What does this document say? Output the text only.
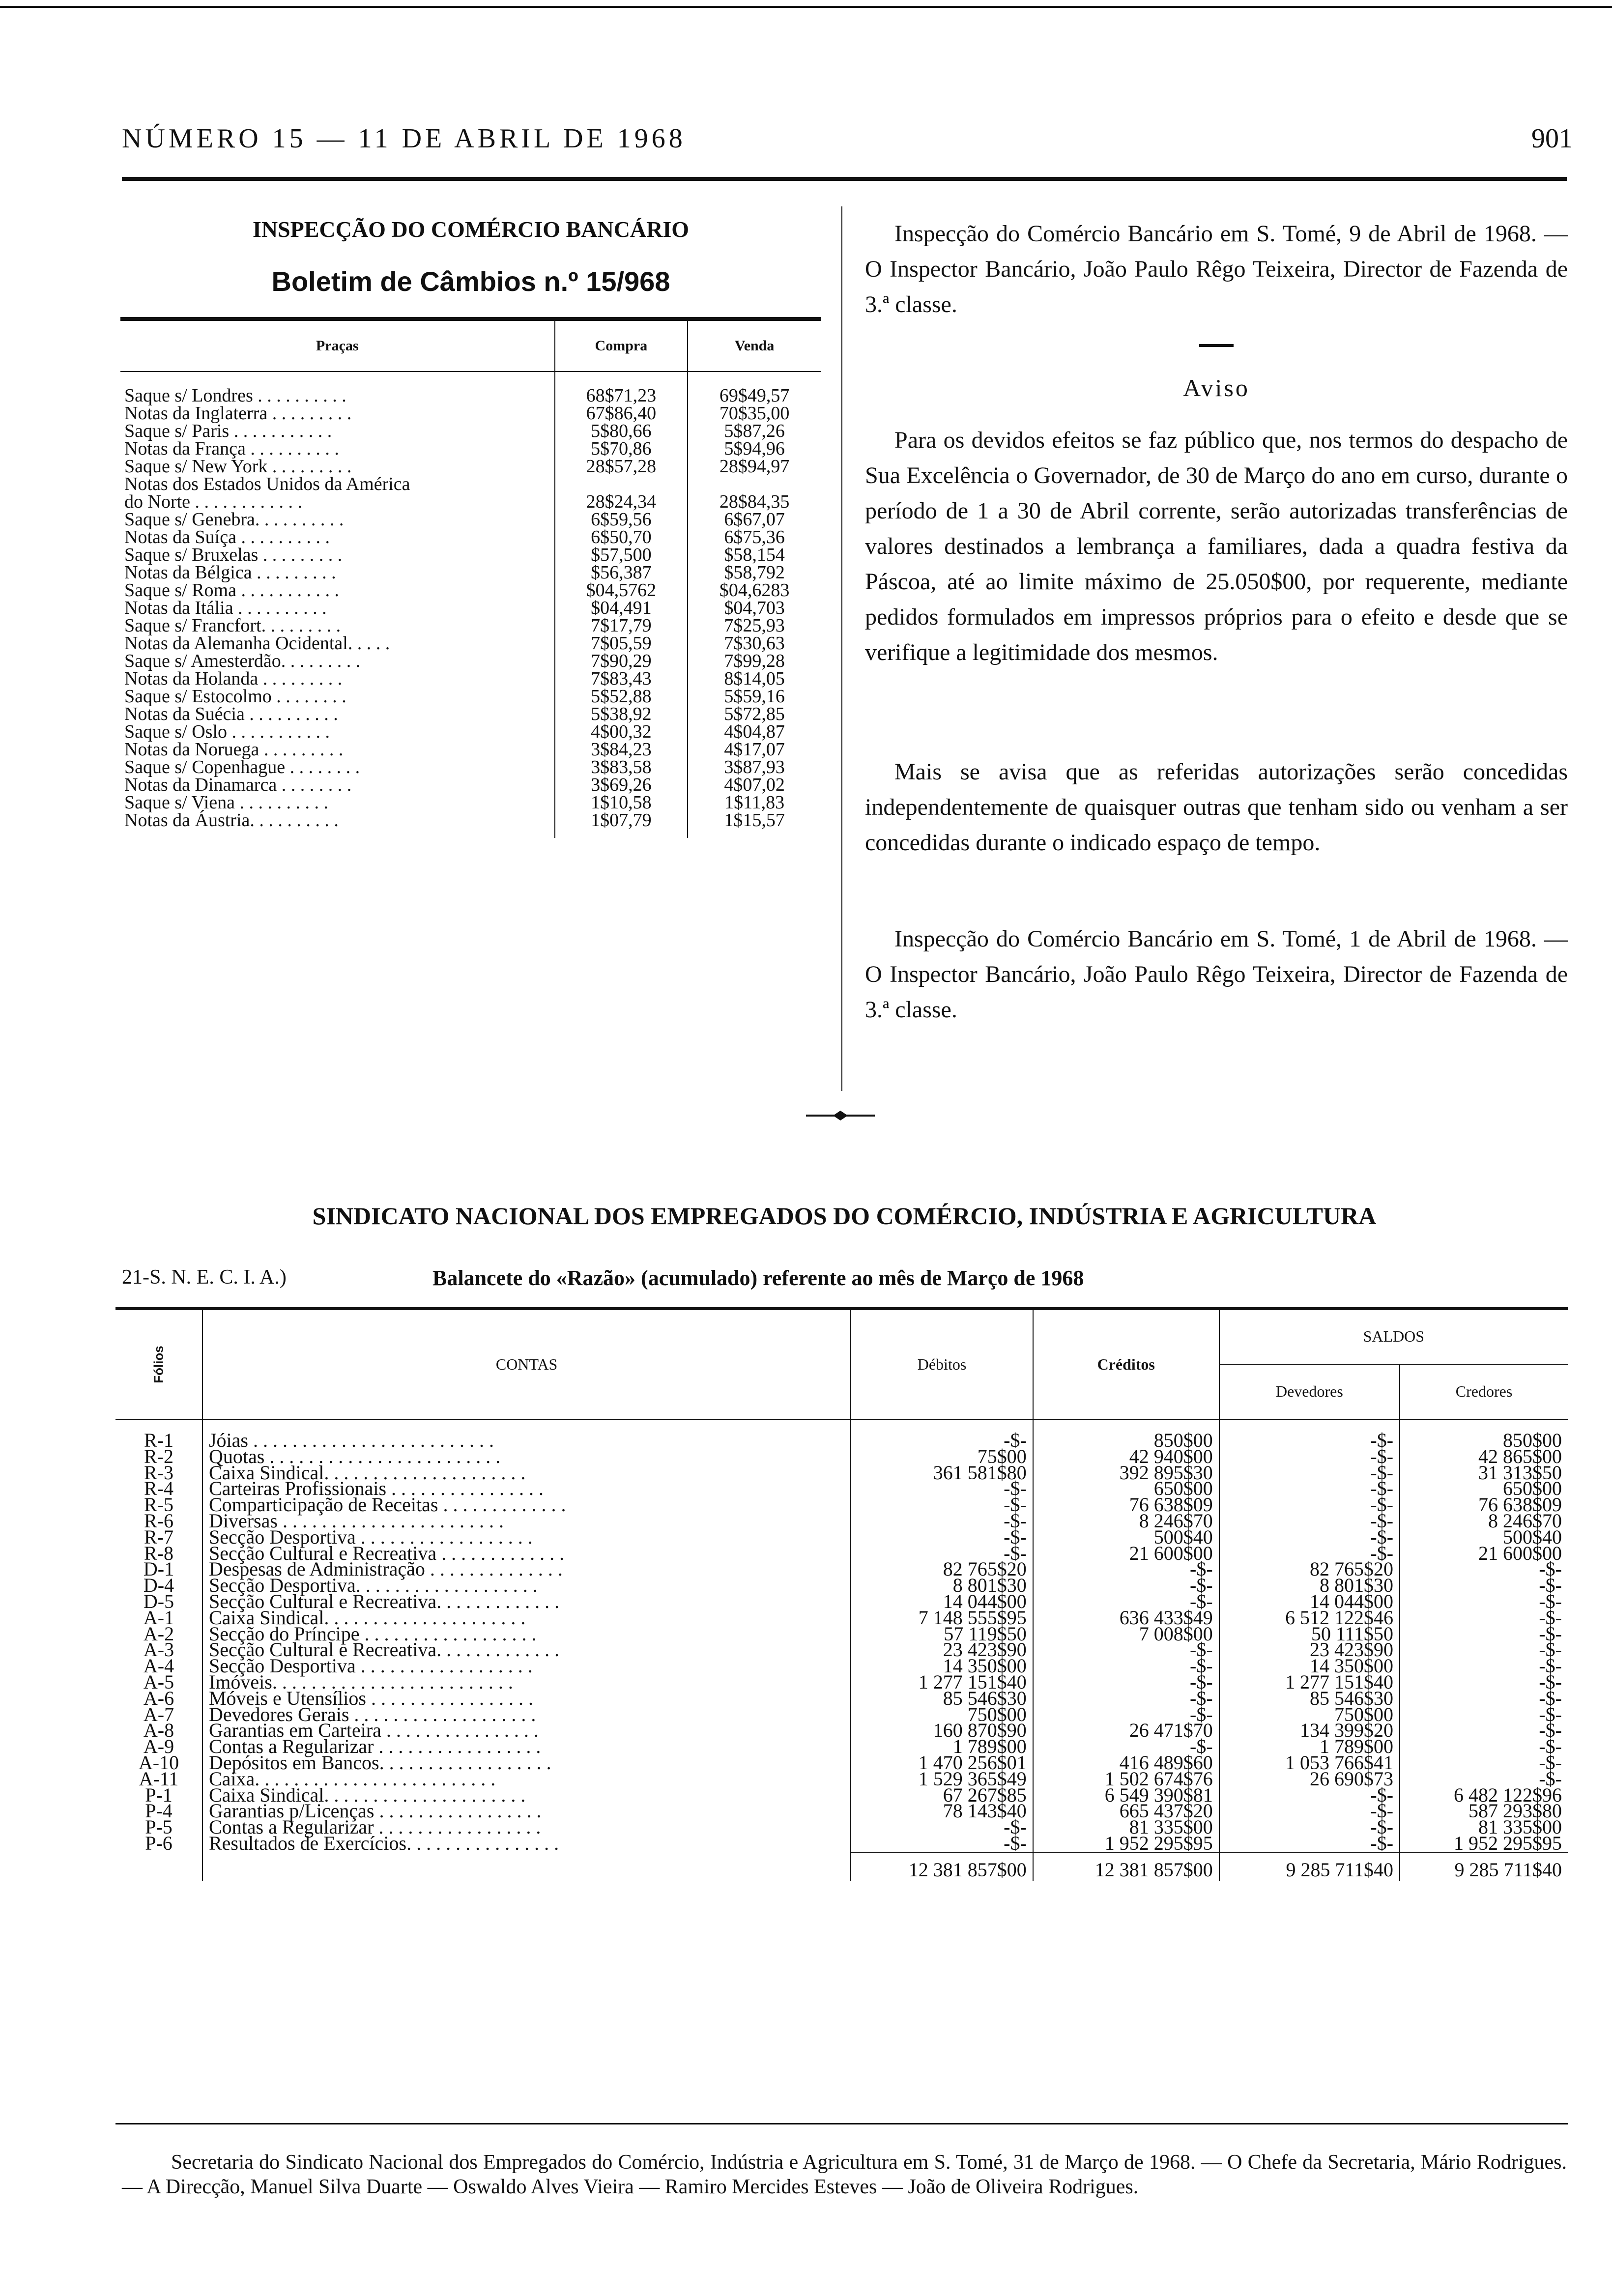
NÚMERO 15 — 11 DE ABRIL DE 1968	901
INSPECÇÃO DO COMÉRCIO BANCÁRIO
Boletim de Câmbios n.º 15/968
Praças	Compra	Venda
Saque s/ Londres . . . . . . . . . .	68$71,23	69$49,57
Notas da Inglaterra . . . . . . . . .	67$86,40	70$35,00
Saque s/ Paris . . . . . . . . . . .	5$80,66	5$87,26
Notas da França . . . . . . . . . .	5$70,86	5$94,96
Saque s/ New York . . . . . . . . .	28$57,28	28$94,97
Notas dos Estados Unidos da América		
do Norte . . . . . . . . . . . .	28$24,34	28$84,35
Saque s/ Genebra. . . . . . . . . .	6$59,56	6$67,07
Notas da Suíça . . . . . . . . . .	6$50,70	6$75,36
Saque s/ Bruxelas . . . . . . . . .	$57,500	$58,154
Notas da Bélgica . . . . . . . . .	$56,387	$58,792
Saque s/ Roma . . . . . . . . . . .	$04,5762	$04,6283
Notas da Itália . . . . . . . . . .	$04,491	$04,703
Saque s/ Francfort. . . . . . . . .	7$17,79	7$25,93
Notas da Alemanha Ocidental. . . . .	7$05,59	7$30,63
Saque s/ Amesterdão. . . . . . . . .	7$90,29	7$99,28
Notas da Holanda . . . . . . . . .	7$83,43	8$14,05
Saque s/ Estocolmo . . . . . . . .	5$52,88	5$59,16
Notas da Suécia . . . . . . . . . .	5$38,92	5$72,85
Saque s/ Oslo . . . . . . . . . . .	4$00,32	4$04,87
Notas da Noruega . . . . . . . . .	3$84,23	4$17,07
Saque s/ Copenhague . . . . . . . .	3$83,58	3$87,93
Notas da Dinamarca . . . . . . . .	3$69,26	4$07,02
Saque s/ Viena . . . . . . . . . .	1$10,58	1$11,83
Notas da Áustria. . . . . . . . . .	1$07,79	1$15,57
Inspecção do Comércio Bancário em S. Tomé, 9 de Abril de 1968. — O Inspector Bancário, João Paulo Rêgo Teixeira, Director de Fazenda de 3.ª classe.
Aviso
Para os devidos efeitos se faz público que, nos termos do despacho de Sua Excelência o Governador, de 30 de Março do ano em curso, durante o período de 1 a 30 de Abril corrente, serão autorizadas transferências de valores destinados a lembrança a familiares, dada a quadra festiva da Páscoa, até ao limite máximo de 25.050$00, por requerente, mediante pedidos formulados em impressos próprios para o efeito e desde que se verifique a legitimidade dos mesmos.
Mais se avisa que as referidas autorizações serão concedidas independentemente de quaisquer outras que tenham sido ou venham a ser concedidas durante o indicado espaço de tempo.
Inspecção do Comércio Bancário em S. Tomé, 1 de Abril de 1968. — O Inspector Bancário, João Paulo Rêgo Teixeira, Director de Fazenda de 3.ª classe.
SINDICATO NACIONAL DOS EMPREGADOS DO COMÉRCIO, INDÚSTRIA E AGRICULTURA
21-S. N. E. C. I. A.)	Balancete do «Razão» (acumulado) referente ao mês de Março de 1968
Fólios	CONTAS	Débitos	Créditos	SALDOS	
				Devedores	Credores
R-1	Jóias . . . . . . . . . . . . . . . . . . . . . . . . .	-$-	850$00	-$-	850$00
R-2	Quotas . . . . . . . . . . . . . . . . . . . . . . . .	75$00	42 940$00	-$-	42 865$00
R-3	Caixa Sindical. . . . . . . . . . . . . . . . . . . . .	361 581$80	392 895$30	-$-	31 313$50
R-4	Carteiras Profissionais . . . . . . . . . . . . . . . .	-$-	650$00	-$-	650$00
R-5	Comparticipação de Receitas . . . . . . . . . . . . .	-$-	76 638$09	-$-	76 638$09
R-6	Diversas . . . . . . . . . . . . . . . . . . . . . . .	-$-	8 246$70	-$-	8 246$70
R-7	Secção Desportiva . . . . . . . . . . . . . . . . . .	-$-	500$40	-$-	500$40
R-8	Secção Cultural e Recreativa . . . . . . . . . . . . .	-$-	21 600$00	-$-	21 600$00
D-1	Despesas de Administração . . . . . . . . . . . . . .	82 765$20	-$-	82 765$20	-$-
D-4	Secção Desportiva. . . . . . . . . . . . . . . . . . .	8 801$30	-$-	8 801$30	-$-
D-5	Secção Cultural e Recreativa. . . . . . . . . . . . .	14 044$00	-$-	14 044$00	-$-
A-1	Caixa Sindical. . . . . . . . . . . . . . . . . . . . .	7 148 555$95	636 433$49	6 512 122$46	-$-
A-2	Secção do Príncipe . . . . . . . . . . . . . . . . . .	57 119$50	7 008$00	50 111$50	-$-
A-3	Secção Cultural e Recreativa. . . . . . . . . . . . .	23 423$90	-$-	23 423$90	-$-
A-4	Secção Desportiva . . . . . . . . . . . . . . . . . .	14 350$00	-$-	14 350$00	-$-
A-5	Imóveis. . . . . . . . . . . . . . . . . . . . . . . . .	1 277 151$40	-$-	1 277 151$40	-$-
A-6	Móveis e Utensílios . . . . . . . . . . . . . . . . .	85 546$30	-$-	85 546$30	-$-
A-7	Devedores Gerais . . . . . . . . . . . . . . . . . . .	750$00	-$-	750$00	-$-
A-8	Garantias em Carteira . . . . . . . . . . . . . . . .	160 870$90	26 471$70	134 399$20	-$-
A-9	Contas a Regularizar . . . . . . . . . . . . . . . . .	1 789$00	-$-	1 789$00	-$-
A-10	Depósitos em Bancos. . . . . . . . . . . . . . . . . .	1 470 256$01	416 489$60	1 053 766$41	-$-
A-11	Caixa. . . . . . . . . . . . . . . . . . . . . . . . .	1 529 365$49	1 502 674$76	26 690$73	-$-
P-1	Caixa Sindical. . . . . . . . . . . . . . . . . . . . .	67 267$85	6 549 390$81	-$-	6 482 122$96
P-4	Garantias p/Licenças . . . . . . . . . . . . . . . . .	78 143$40	665 437$20	-$-	587 293$80
P-5	Contas a Regularizar . . . . . . . . . . . . . . . . .	-$-	81 335$00	-$-	81 335$00
P-6	Resultados de Exercícios. . . . . . . . . . . . . . . .	-$-	1 952 295$95	-$-	1 952 295$95
		12 381 857$00	12 381 857$00	9 285 711$40	9 285 711$40
Secretaria do Sindicato Nacional dos Empregados do Comércio, Indústria e Agricultura em S. Tomé, 31 de Março de 1968. — O Chefe da Secretaria, Mário Rodrigues. — A Direcção, Manuel Silva Duarte — Oswaldo Alves Vieira — Ramiro Mercides Esteves — João de Oliveira Rodrigues.
